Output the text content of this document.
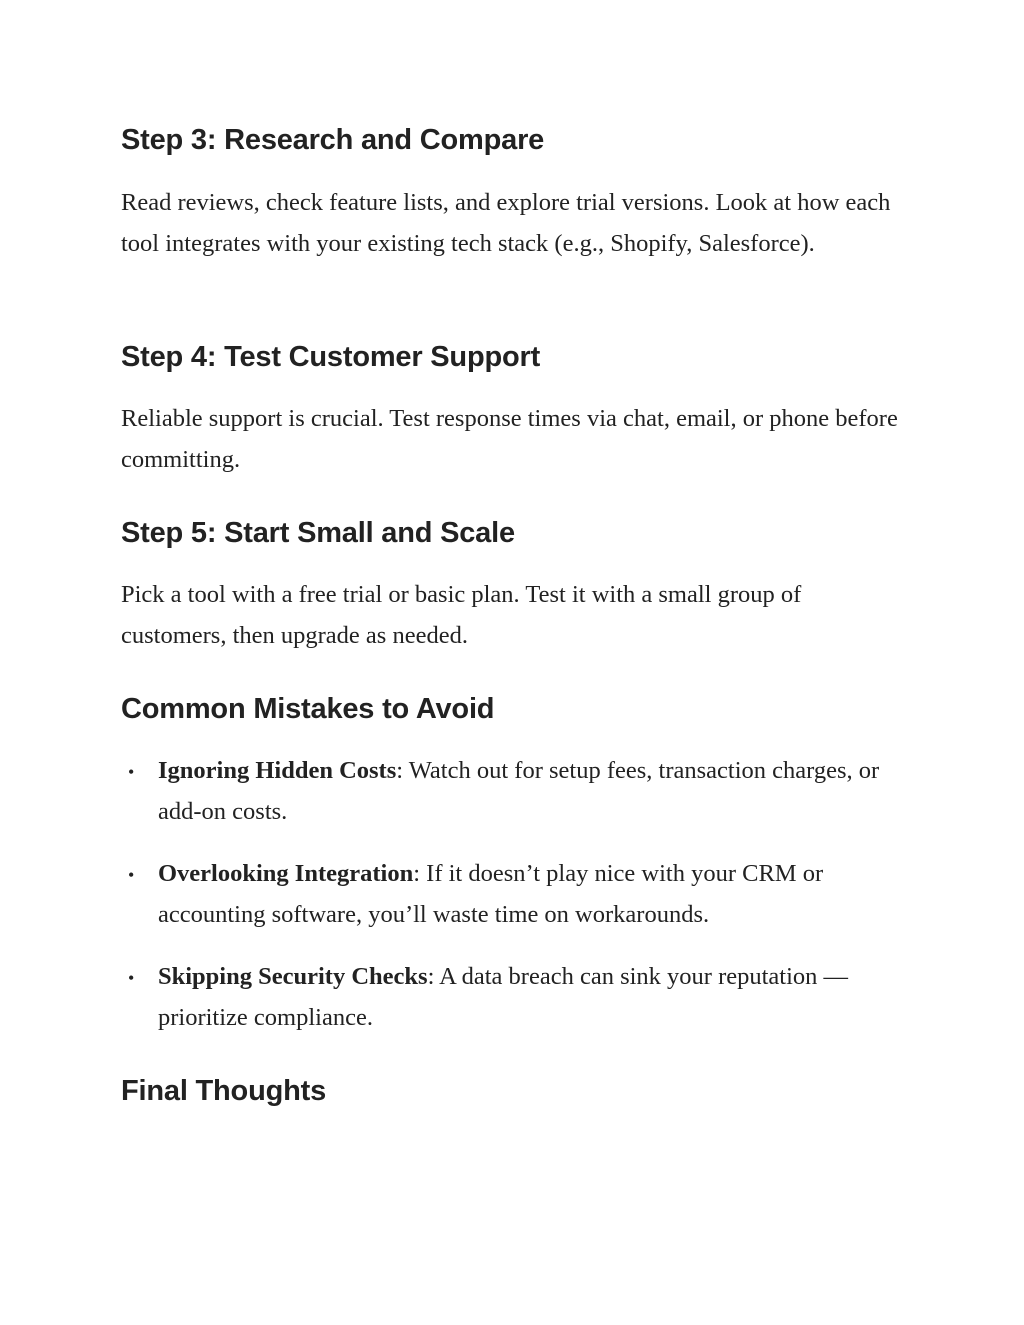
Step 3: Research and Compare

Read reviews, check feature lists, and explore trial versions. Look at how each tool integrates with your existing tech stack (e.g., Shopify, Salesforce).

Step 4: Test Customer Support

Reliable support is crucial. Test response times via chat, email, or phone before committing.

Step 5: Start Small and Scale

Pick a tool with a free trial or basic plan. Test it with a small group of customers, then upgrade as needed.

Common Mistakes to Avoid
• Ignoring Hidden Costs: Watch out for setup fees, transaction charges, or add-on costs.
• Overlooking Integration: If it doesn’t play nice with your CRM or accounting software, you’ll waste time on workarounds.
• Skipping Security Checks: A data breach can sink your reputation — prioritize compliance.
Final Thoughts
